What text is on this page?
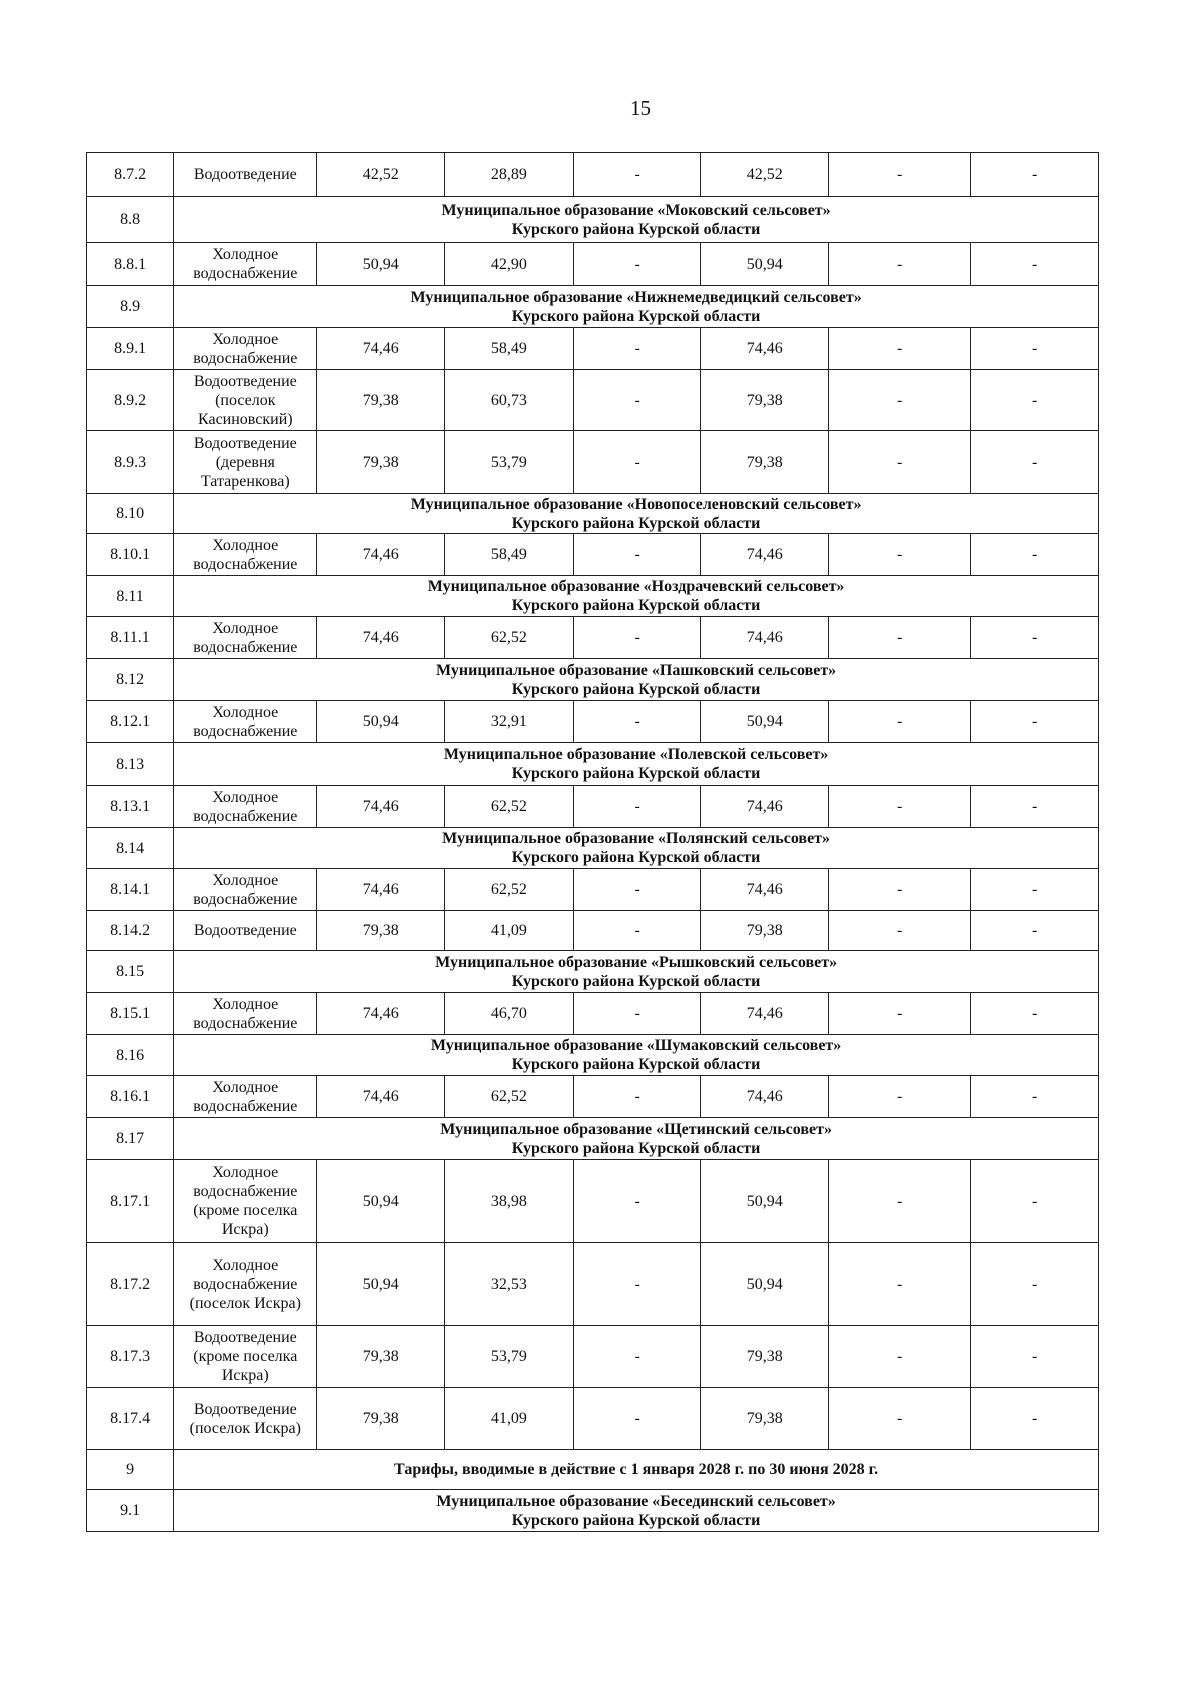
15
8.7.2	Водоотведение	42,52	28,89	-	42,52	-	-
8.8	Муниципальное образование «Моковский сельсовет»
Курского района Курской области						

8.8.1	Холодное водоснабжение	50,94	42,90	-	50,94	-	-
8.9	Муниципальное образование «Нижнемедведицкий сельсовет»
Курского района Курской области						

8.9.1	Холодное водоснабжение	74,46	58,49	-	74,46	-	-
8.9.2	Водоотведение (поселок Касиновский)	79,38	60,73	-	79,38	-	-
8.9.3	Водоотведение (деревня Татаренкова)	79,38	53,79	-	79,38	-	-
8.10	Муниципальное образование «Новопоселеновский сельсовет»
Курского района Курской области						

8.10.1	Холодное водоснабжение	74,46	58,49	-	74,46	-	-
8.11	Муниципальное образование «Ноздрачевский сельсовет»
Курского района Курской области						

8.11.1	Холодное водоснабжение	74,46	62,52	-	74,46	-	-
8.12	Муниципальное образование «Пашковский сельсовет»
Курского района Курской области						

8.12.1	Холодное водоснабжение	50,94	32,91	-	50,94	-	-
8.13	Муниципальное образование «Полевской сельсовет»
Курского района Курской области						

8.13.1	Холодное водоснабжение	74,46	62,52	-	74,46	-	-
8.14	Муниципальное образование «Полянский сельсовет»
Курского района Курской области						

8.14.1	Холодное водоснабжение	74,46	62,52	-	74,46	-	-
8.14.2	Водоотведение	79,38	41,09	-	79,38	-	-
8.15	Муниципальное образование «Рышковский сельсовет»
Курского района Курской области						

8.15.1	Холодное водоснабжение	74,46	46,70	-	74,46	-	-
8.16	Муниципальное образование «Шумаковский сельсовет»
Курского района Курской области						

8.16.1	Холодное водоснабжение	74,46	62,52	-	74,46	-	-
8.17	Муниципальное образование «Щетинский сельсовет»
Курского района Курской области						

8.17.1	Холодное водоснабжение (кроме поселка Искра)	50,94	38,98	-	50,94	-	-
8.17.2	Холодное водоснабжение (поселок Искра)	50,94	32,53	-	50,94	-	-
8.17.3	Водоотведение (кроме поселка Искра)	79,38	53,79	-	79,38	-	-
8.17.4	Водоотведение (поселок Искра)	79,38	41,09	-	79,38	-	-
9	Тарифы, вводимые в действие с 1 января 2028 г. по 30 июня 2028 г.						

9.1	Муниципальное образование «Бесединский сельсовет»
Курского района Курской области						
